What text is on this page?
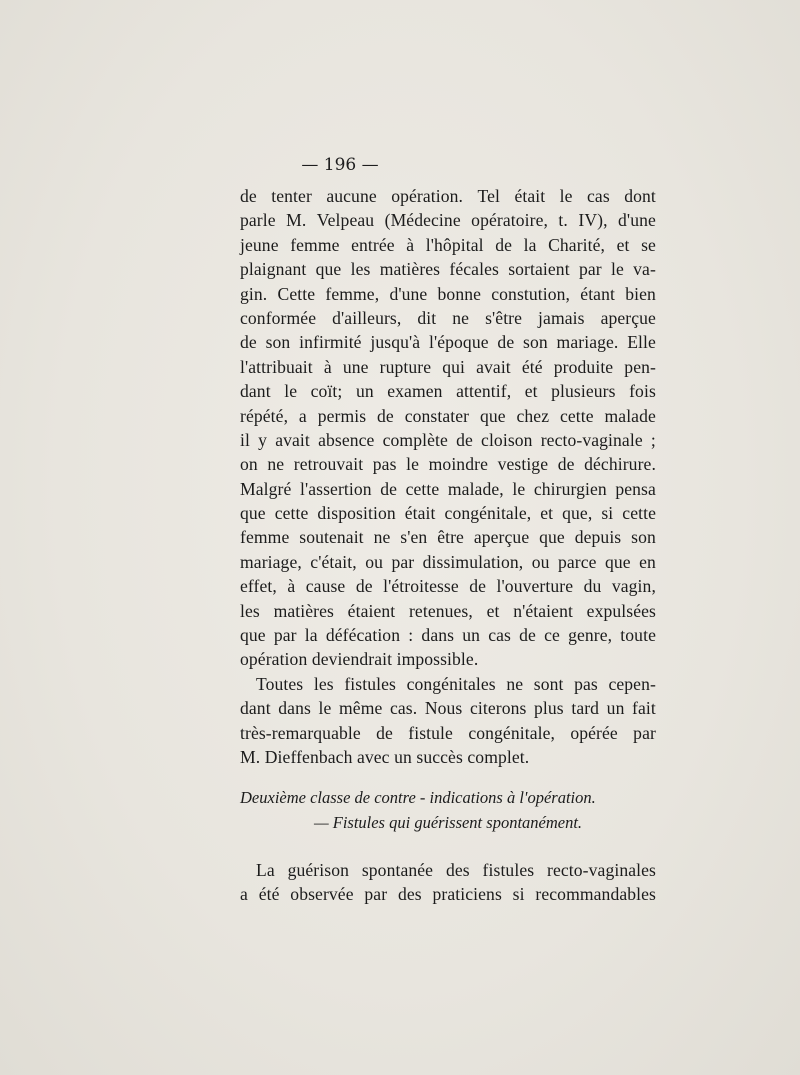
— 196 —
de tenter aucune opération. Tel était le cas dont
parle M. Velpeau (Médecine opératoire, t. IV), d'une
jeune femme entrée à l'hôpital de la Charité, et se
plaignant que les matières fécales sortaient par le va-
gin. Cette femme, d'une bonne constution, étant bien
conformée d'ailleurs, dit ne s'être jamais aperçue
de son infirmité jusqu'à l'époque de son mariage. Elle
l'attribuait à une rupture qui avait été produite pen-
dant le coït; un examen attentif, et plusieurs fois
répété, a permis de constater que chez cette malade
il y avait absence complète de cloison recto-vaginale ;
on ne retrouvait pas le moindre vestige de déchirure.
Malgré l'assertion de cette malade, le chirurgien pensa
que cette disposition était congénitale, et que, si cette
femme soutenait ne s'en être aperçue que depuis son
mariage, c'était, ou par dissimulation, ou parce que en
effet, à cause de l'étroitesse de l'ouverture du vagin,
les matières étaient retenues, et n'étaient expulsées
que par la défécation : dans un cas de ce genre, toute
opération deviendrait impossible.
Toutes les fistules congénitales ne sont pas cepen-
dant dans le même cas. Nous citerons plus tard un fait
très-remarquable de fistule congénitale, opérée par
M. Dieffenbach avec un succès complet.
Deuxième classe de contre - indications à l'opération.
— Fistules qui guérissent spontanément.
La guérison spontanée des fistules recto-vaginales
a été observée par des praticiens si recommandables
